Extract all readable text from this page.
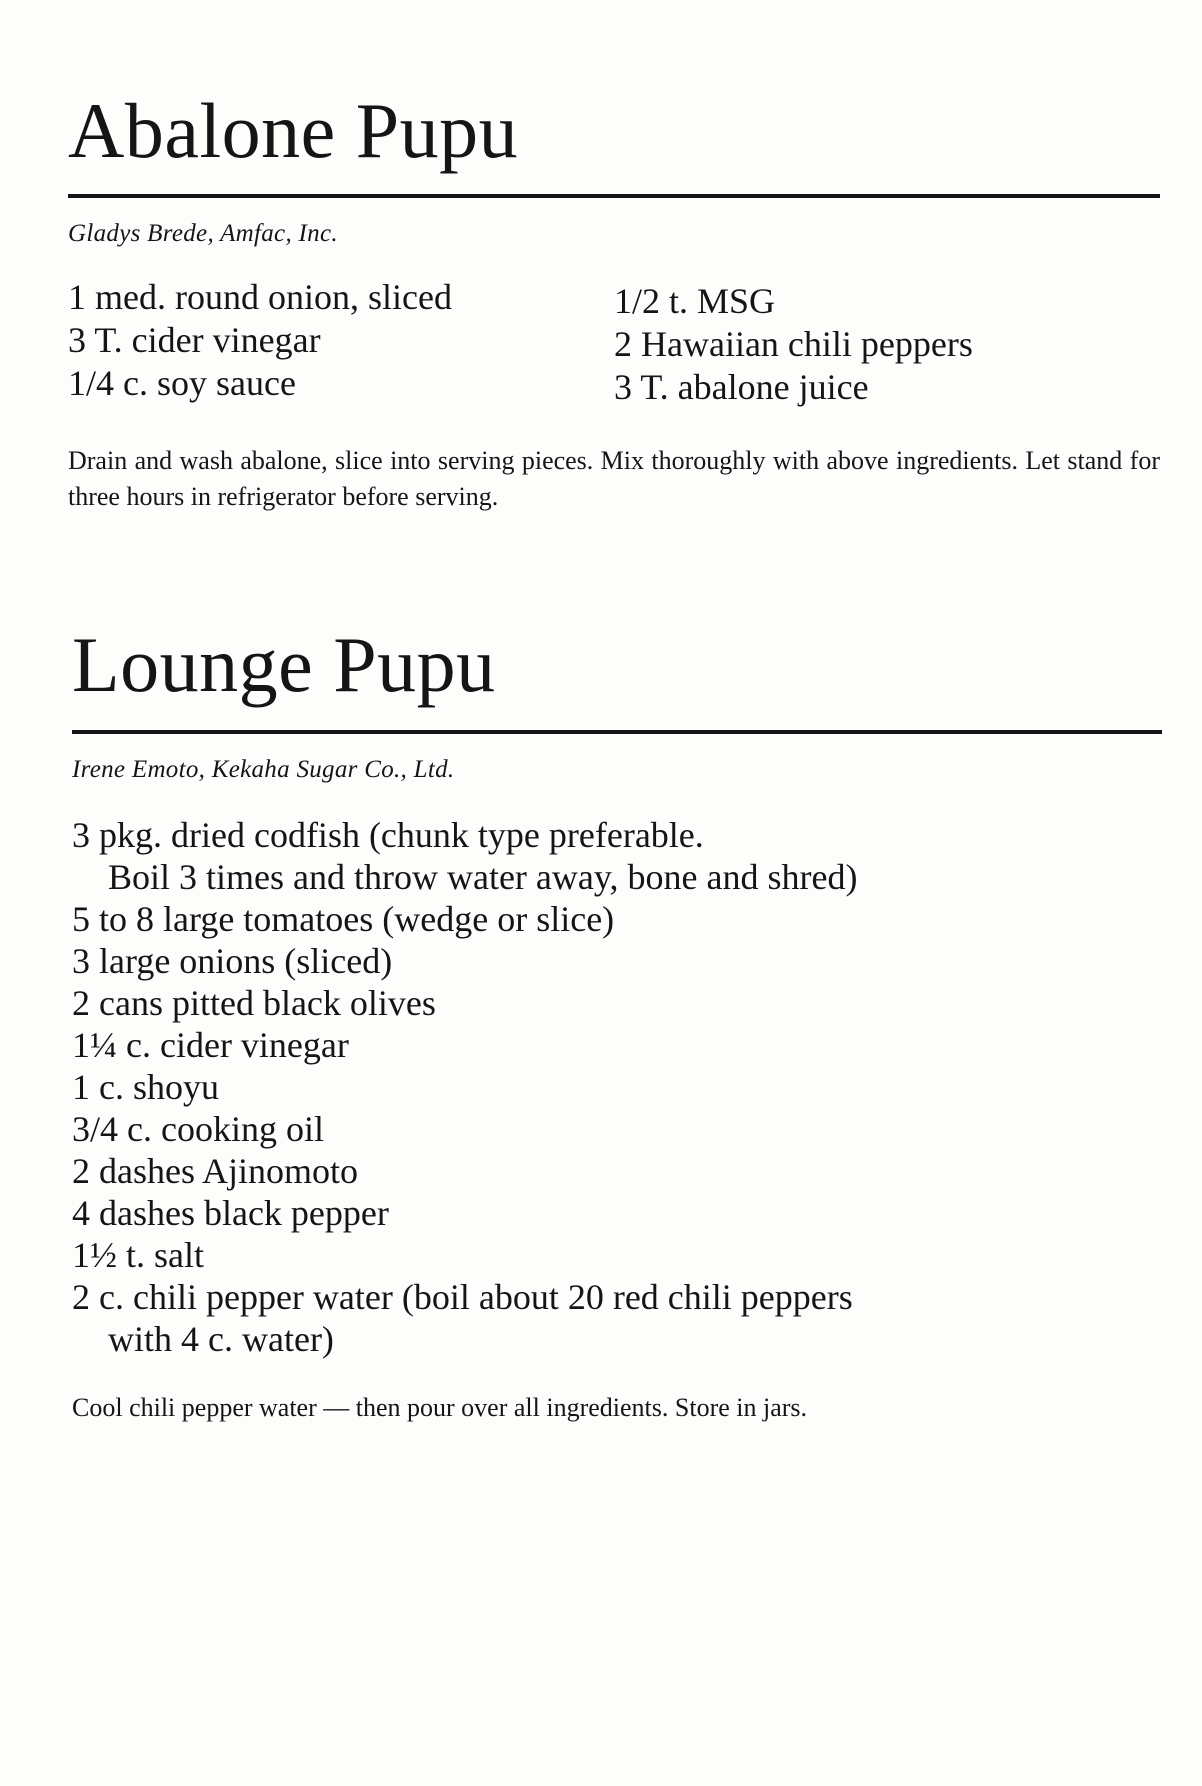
Abalone Pupu
Gladys Brede, Amfac, Inc.
1 med. round onion, sliced
3 T. cider vinegar
1/4 c. soy sauce
1/2 t. MSG
2 Hawaiian chili peppers
3 T. abalone juice

Drain and wash abalone, slice into serving pieces. Mix thoroughly with above ingredients. Let stand for three hours in refrigerator before serving.

Lounge Pupu
Irene Emoto, Kekaha Sugar Co., Ltd.
3 pkg. dried codfish (chunk type preferable.
Boil 3 times and throw water away, bone and shred)
5 to 8 large tomatoes (wedge or slice)
3 large onions (sliced)
2 cans pitted black olives
1¼ c. cider vinegar
1 c. shoyu
3/4 c. cooking oil
2 dashes Ajinomoto
4 dashes black pepper
1½ t. salt
2 c. chili pepper water (boil about 20 red chili peppers
with 4 c. water)

Cool chili pepper water — then pour over all ingredients. Store in jars.
